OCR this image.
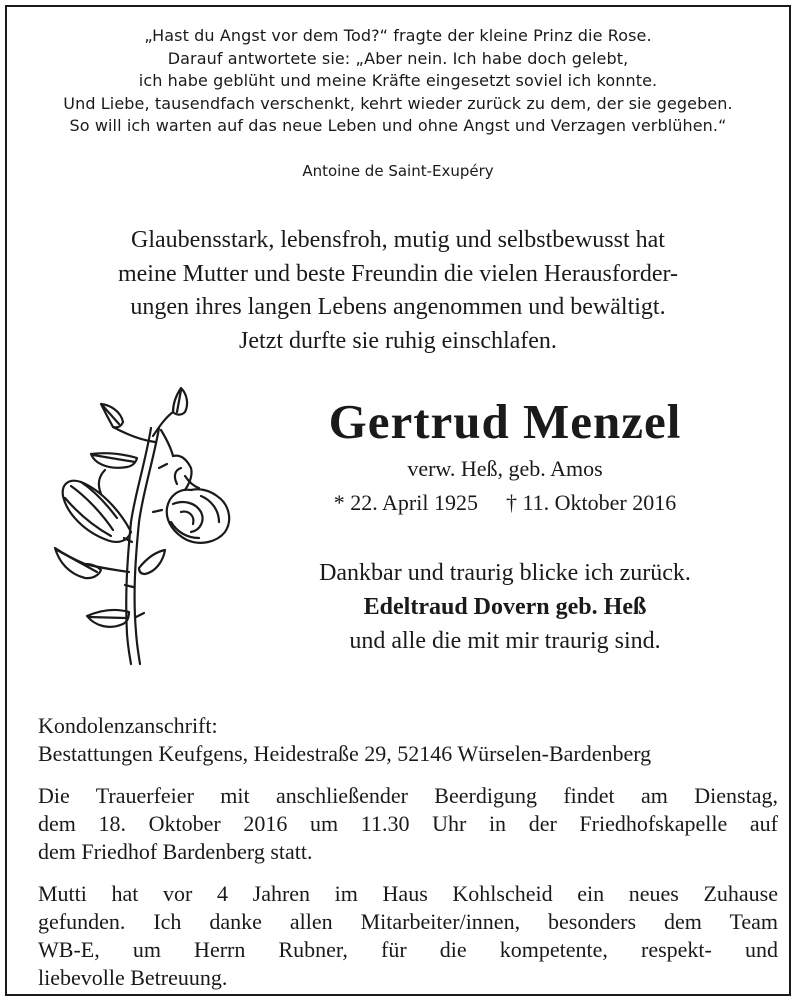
„Hast du Angst vor dem Tod?“ fragte der kleine Prinz die Rose.
Darauf antwortete sie: „Aber nein. Ich habe doch gelebt,
ich habe geblüht und meine Kräfte eingesetzt soviel ich konnte.
Und Liebe, tausendfach verschenkt, kehrt wieder zurück zu dem, der sie gegeben.
So will ich warten auf das neue Leben und ohne Angst und Verzagen verblühen.“
Antoine de Saint-Exupéry
Glaubensstark, lebensfroh, mutig und selbstbewusst hat
meine Mutter und beste Freundin die vielen Herausforder-
ungen ihres langen Lebens angenommen und bewältigt.
Jetzt durfte sie ruhig einschlafen.
Gertrud Menzel
verw. Heß, geb. Amos
* 22. April 1925 † 11. Oktober 2016
Dankbar und traurig blicke ich zurück.
Edeltraud Dovern geb. Heß
und alle die mit mir traurig sind.
Kondolenzanschrift:
Bestattungen Keufgens, Heidestraße 29, 52146 Würselen-Bardenberg
Die Trauerfeier mit anschließender Beerdigung findet am Dienstag,
dem 18. Oktober 2016 um 11.30 Uhr in der Friedhofskapelle auf
dem Friedhof Bardenberg statt.
Mutti hat vor 4 Jahren im Haus Kohlscheid ein neues Zuhause
gefunden. Ich danke allen Mitarbeiter/innen, besonders dem Team
WB-E, um Herrn Rubner, für die kompetente, respekt- und
liebevolle Betreuung.
